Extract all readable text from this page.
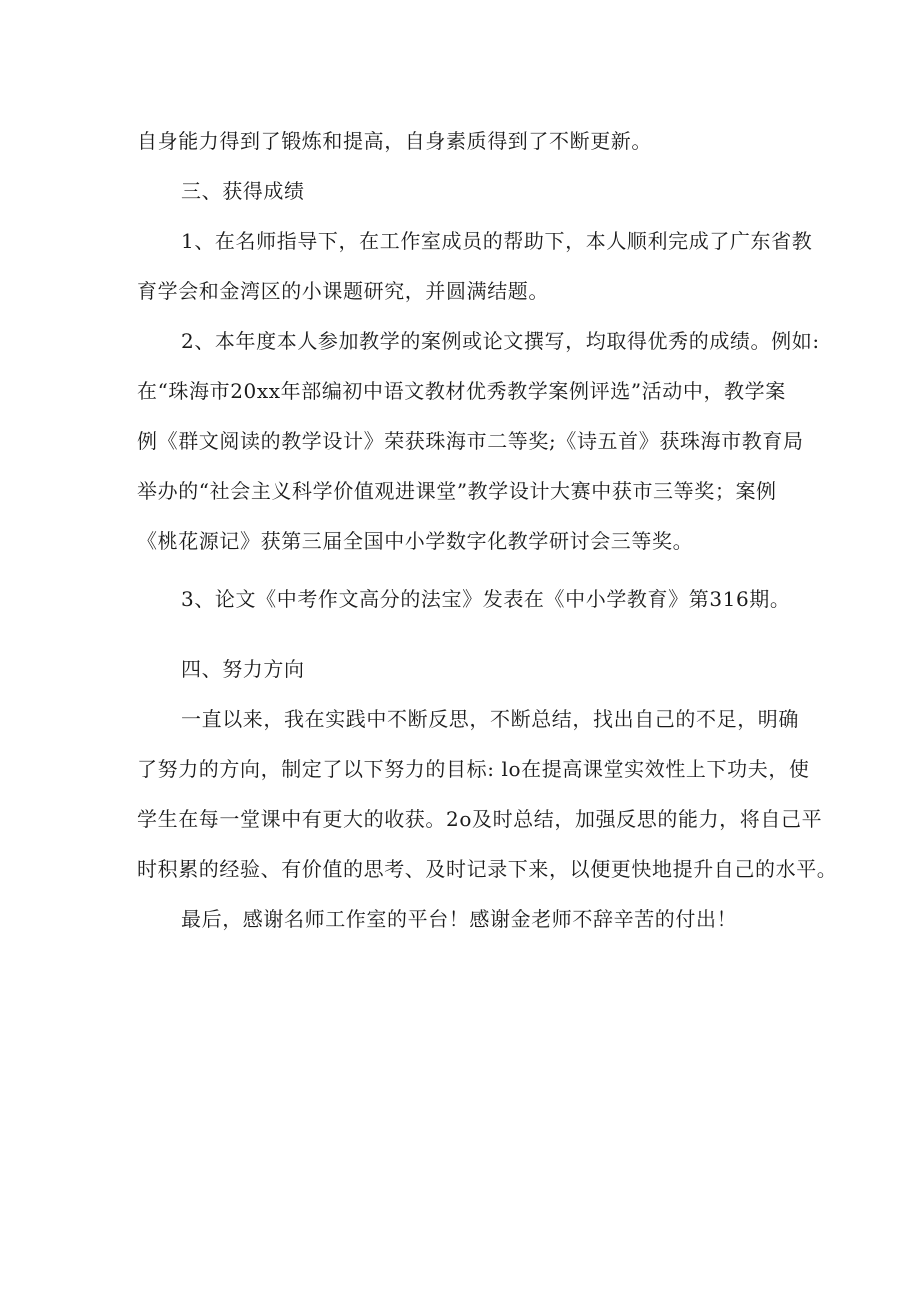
自身能力得到了锻炼和提高，自身素质得到了不断更新。
三、获得成绩
1、在名师指导下，在工作室成员的帮助下，本人顺利完成了广东省教
育学会和金湾区的小课题研究，并圆满结题。
2、本年度本人参加教学的案例或论文撰写，均取得优秀的成绩。例如:
在“珠海市20xx年部编初中语文教材优秀教学案例评选”活动中，教学案
例《群文阅读的教学设计》荣获珠海市二等奖;《诗五首》获珠海市教育局
举办的“社会主义科学价值观进课堂”教学设计大赛中获市三等奖；案例
《桃花源记》获第三届全国中小学数字化教学研讨会三等奖。
3、论文《中考作文高分的法宝》发表在《中小学教育》第316期。
四、努力方向
一直以来，我在实践中不断反思，不断总结，找出自己的不足，明确
了努力的方向，制定了以下努力的目标: lo在提高课堂实效性上下功夫，使
学生在每一堂课中有更大的收获。2o及时总结，加强反思的能力，将自己平
时积累的经验、有价值的思考、及时记录下来，以便更快地提升自己的水平。
最后，感谢名师工作室的平台！感谢金老师不辞辛苦的付出！
